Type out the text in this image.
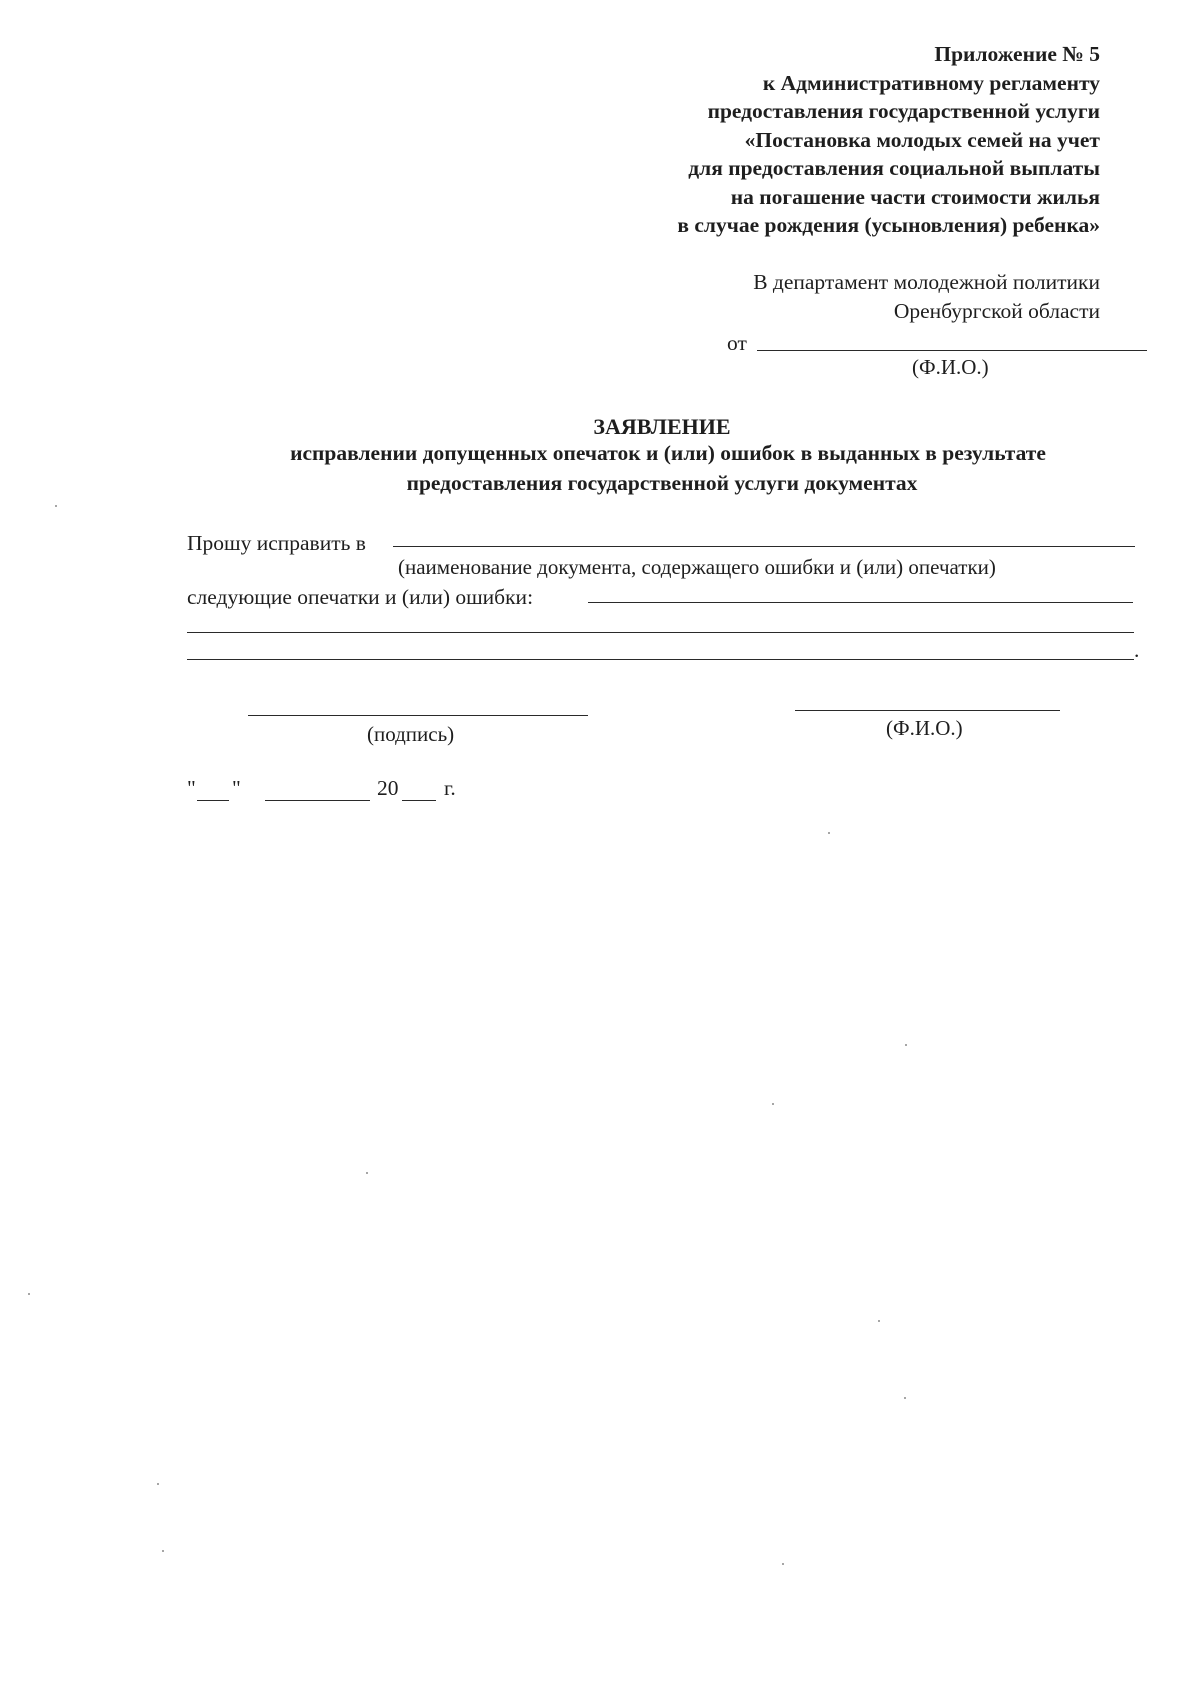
Приложение № 5
к Административному регламенту
предоставления государственной услуги
«Постановка молодых семей на учет
для предоставления социальной выплаты
на погашение части стоимости жилья
в случае рождения (усыновления) ребенка»
В департамент молодежной политики
Оренбургской области
от
(Ф.И.О.)
ЗАЯВЛЕНИЕ
исправлении допущенных опечаток и (или) ошибок в выданных в результате
предоставления государственной услуги документах
Прошу исправить в
(наименование документа, содержащего ошибки и (или) опечатки)
следующие опечатки и (или) ошибки:
.
(подпись)	(Ф.И.О.)
" "	20 г.
